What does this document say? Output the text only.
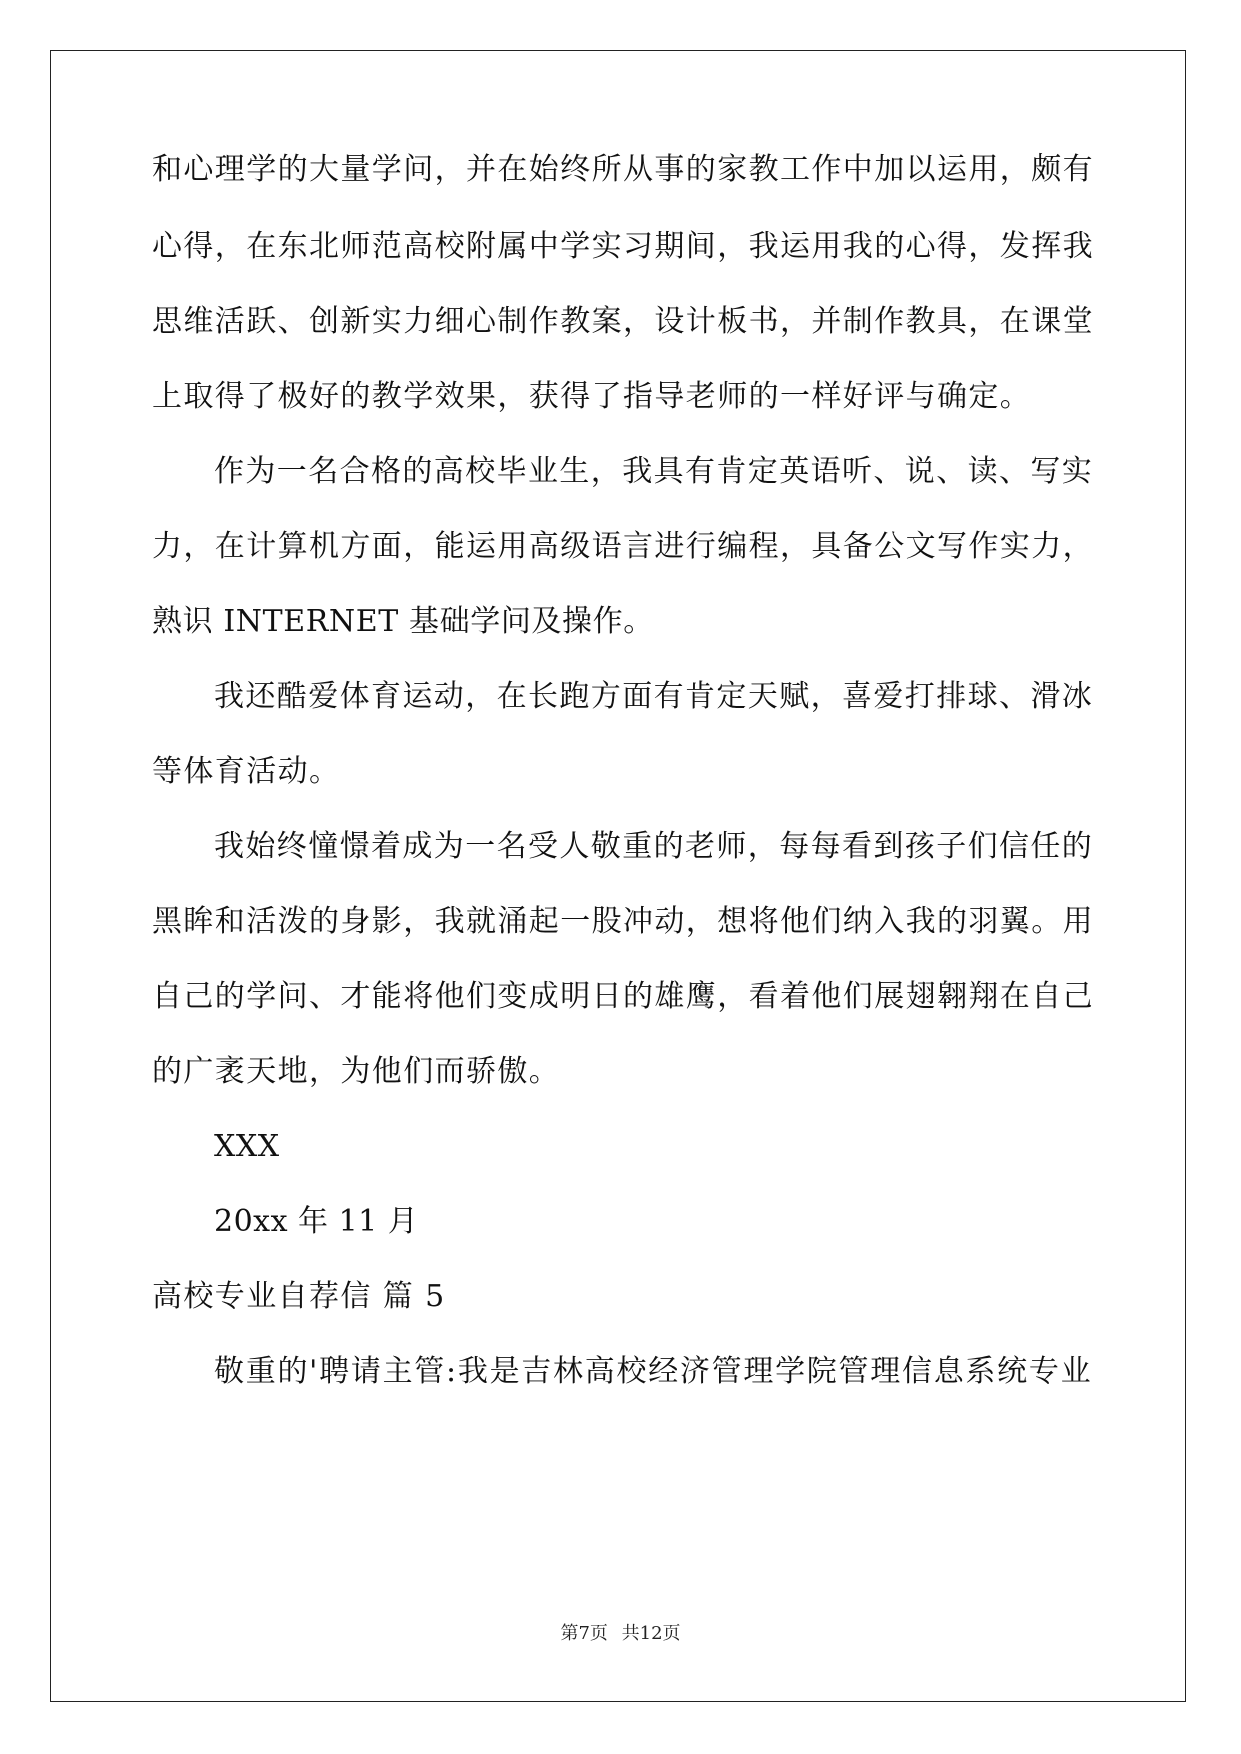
和心理学的大量学问，并在始终所从事的家教工作中加以运用，颇有
心得，在东北师范高校附属中学实习期间，我运用我的心得，发挥我
思维活跃、创新实力细心制作教案，设计板书，并制作教具，在课堂
上取得了极好的教学效果，获得了指导老师的一样好评与确定。
作为一名合格的高校毕业生，我具有肯定英语听、说、读、写实
力，在计算机方面，能运用高级语言进行编程，具备公文写作实力，
熟识 INTERNET 基础学问及操作。
我还酷爱体育运动，在长跑方面有肯定天赋，喜爱打排球、滑冰
等体育活动。
我始终憧憬着成为一名受人敬重的老师，每每看到孩子们信任的
黑眸和活泼的身影，我就涌起一股冲动，想将他们纳入我的羽翼。用
自己的学问、才能将他们变成明日的雄鹰，看着他们展翅翱翔在自己
的广袤天地，为他们而骄傲。
XXX
20xx 年 11 月
高校专业自荐信 篇 5
敬重的'聘请主管:我是吉林高校经济管理学院管理信息系统专业
第7页 共12页
